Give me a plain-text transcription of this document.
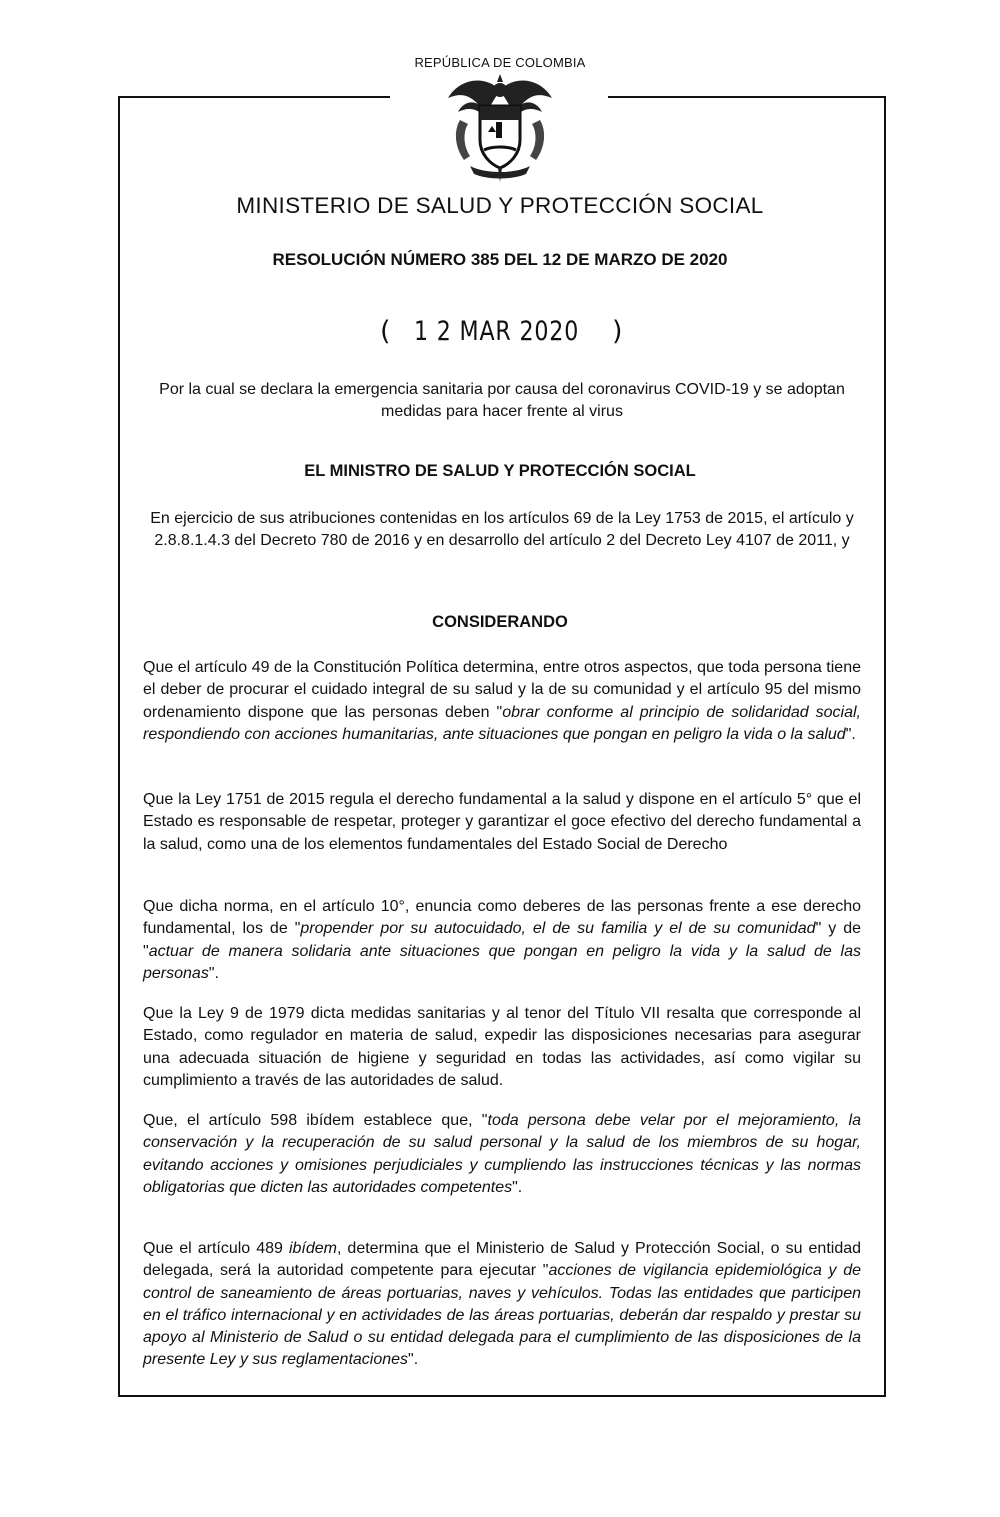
REPÚBLICA DE COLOMBIA
MINISTERIO DE SALUD Y PROTECCIÓN SOCIAL
RESOLUCIÓN NÚMERO 385 DEL 12 DE MARZO DE 2020
( 1 2 MAR 2020 )
Por la cual se declara la emergencia sanitaria por causa del coronavirus COVID-19 y se adoptan medidas para hacer frente al virus
EL MINISTRO DE SALUD Y PROTECCIÓN SOCIAL
En ejercicio de sus atribuciones contenidas en los artículos 69 de la Ley 1753 de 2015, el artículo y 2.8.8.1.4.3 del Decreto 780 de 2016 y en desarrollo del artículo 2 del Decreto Ley 4107 de 2011, y
CONSIDERANDO
Que el artículo 49 de la Constitución Política determina, entre otros aspectos, que toda persona tiene el deber de procurar el cuidado integral de su salud y la de su comunidad y el artículo 95 del mismo ordenamiento dispone que las personas deben "obrar conforme al principio de solidaridad social, respondiendo con acciones humanitarias, ante situaciones que pongan en peligro la vida o la salud".
Que la Ley 1751 de 2015 regula el derecho fundamental a la salud y dispone en el artículo 5° que el Estado es responsable de respetar, proteger y garantizar el goce efectivo del derecho fundamental a la salud, como una de los elementos fundamentales del Estado Social de Derecho
Que dicha norma, en el artículo 10°, enuncia como deberes de las personas frente a ese derecho fundamental, los de "propender por su autocuidado, el de su familia y el de su comunidad" y de "actuar de manera solidaria ante situaciones que pongan en peligro la vida y la salud de las personas".
Que la Ley 9 de 1979 dicta medidas sanitarias y al tenor del Título VII resalta que corresponde al Estado, como regulador en materia de salud, expedir las disposiciones necesarias para asegurar una adecuada situación de higiene y seguridad en todas las actividades, así como vigilar su cumplimiento a través de las autoridades de salud.
Que, el artículo 598 ibídem establece que, "toda persona debe velar por el mejoramiento, la conservación y la recuperación de su salud personal y la salud de los miembros de su hogar, evitando acciones y omisiones perjudiciales y cumpliendo las instrucciones técnicas y las normas obligatorias que dicten las autoridades competentes".
Que el artículo 489 ibídem, determina que el Ministerio de Salud y Protección Social, o su entidad delegada, será la autoridad competente para ejecutar "acciones de vigilancia epidemiológica y de control de saneamiento de áreas portuarias, naves y vehículos. Todas las entidades que participen en el tráfico internacional y en actividades de las áreas portuarias, deberán dar respaldo y prestar su apoyo al Ministerio de Salud o su entidad delegada para el cumplimiento de las disposiciones de la presente Ley y sus reglamentaciones".
